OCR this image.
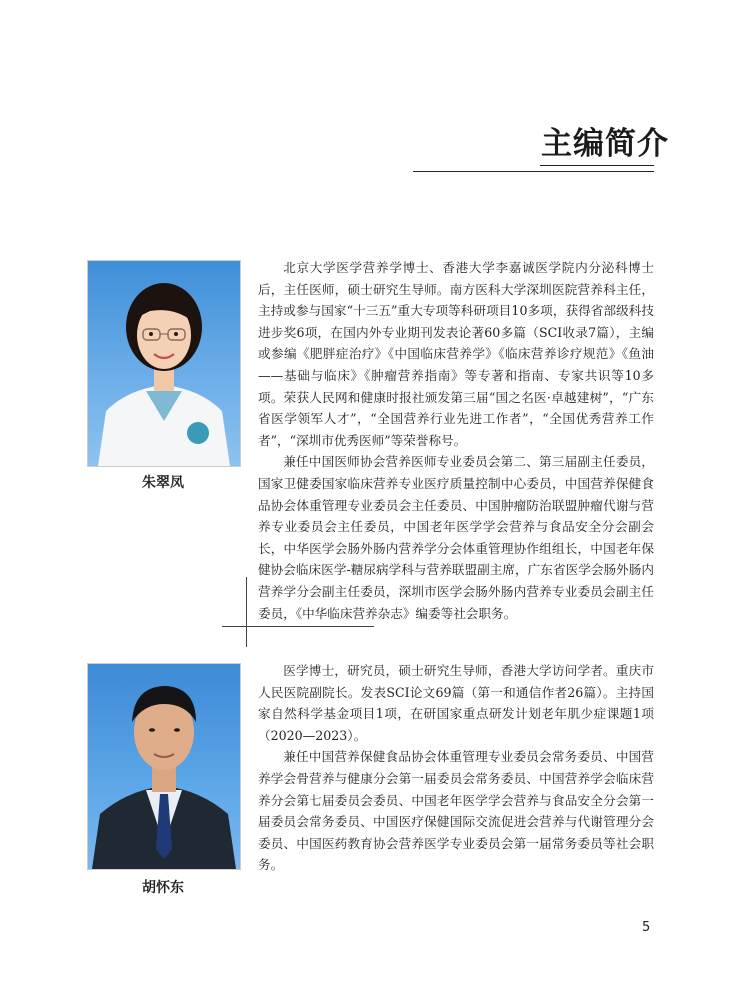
主编简介
朱翠凤

北京大学医学营养学博士、香港大学李嘉诚医学院内分泌科博士后，主任医师，硕士研究生导师。南方医科大学深圳医院营养科主任，主持或参与国家“十三五”重大专项等科研项目10多项，获得省部级科技进步奖6项，在国内外专业期刊发表论著60多篇（SCI收录7篇），主编或参编《肥胖症治疗》《中国临床营养学》《临床营养诊疗规范》《鱼油——基础与临床》《肿瘤营养指南》等专著和指南、专家共识等10多项。荣获人民网和健康时报社颁发第三届“国之名医·卓越建树”，“广东省医学领军人才”，“全国营养行业先进工作者”，“全国优秀营养工作者”，“深圳市优秀医师”等荣誉称号。

兼任中国医师协会营养医师专业委员会第二、第三届副主任委员，国家卫健委国家临床营养专业医疗质量控制中心委员，中国营养保健食品协会体重管理专业委员会主任委员、中国肿瘤防治联盟肿瘤代谢与营养专业委员会主任委员，中国老年医学学会营养与食品安全分会副会长，中华医学会肠外肠内营养学分会体重管理协作组组长，中国老年保健协会临床医学-糖尿病学科与营养联盟副主席，广东省医学会肠外肠内营养学分会副主任委员，深圳市医学会肠外肠内营养专业委员会副主任委员，《中华临床营养杂志》编委等社会职务。

胡怀东

医学博士，研究员，硕士研究生导师，香港大学访问学者。重庆市人民医院副院长。发表SCI论文69篇（第一和通信作者26篇）。主持国家自然科学基金项目1项，在研国家重点研发计划老年肌少症课题1项（2020—2023）。

兼任中国营养保健食品协会体重管理专业委员会常务委员、中国营养学会骨营养与健康分会第一届委员会常务委员、中国营养学会临床营养分会第七届委员会委员、中国老年医学学会营养与食品安全分会第一届委员会常务委员、中国医疗保健国际交流促进会营养与代谢管理分会委员、中国医药教育协会营养医学专业委员会第一届常务委员等社会职务。

5
